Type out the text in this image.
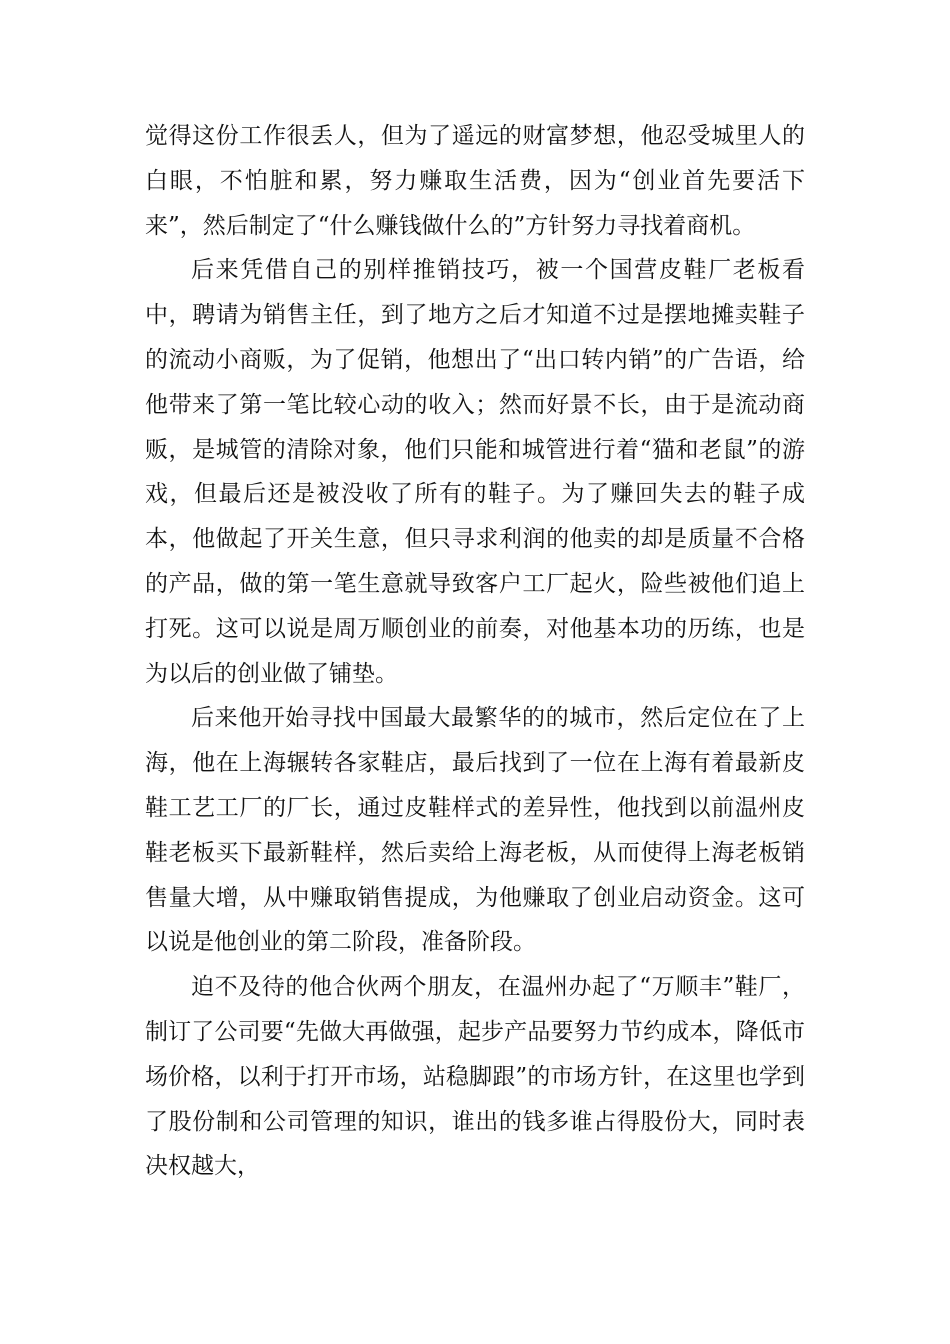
觉得这份工作很丢人，但为了遥远的财富梦想，他忍受城里人的白眼，不怕脏和累，努力赚取生活费，因为“创业首先要活下来”，然后制定了“什么赚钱做什么的”方针努力寻找着商机。

后来凭借自己的别样推销技巧，被一个国营皮鞋厂老板看中，聘请为销售主任，到了地方之后才知道不过是摆地摊卖鞋子的流动小商贩，为了促销，他想出了“出口转内销”的广告语，给他带来了第一笔比较心动的收入；然而好景不长，由于是流动商贩，是城管的清除对象，他们只能和城管进行着“猫和老鼠”的游戏，但最后还是被没收了所有的鞋子。为了赚回失去的鞋子成本，他做起了开关生意，但只寻求利润的他卖的却是质量不合格的产品，做的第一笔生意就导致客户工厂起火，险些被他们追上打死。这可以说是周万顺创业的前奏，对他基本功的历练，也是为以后的创业做了铺垫。

后来他开始寻找中国最大最繁华的的城市，然后定位在了上海，他在上海辗转各家鞋店，最后找到了一位在上海有着最新皮鞋工艺工厂的厂长，通过皮鞋样式的差异性，他找到以前温州皮鞋老板买下最新鞋样，然后卖给上海老板，从而使得上海老板销售量大增，从中赚取销售提成，为他赚取了创业启动资金。这可以说是他创业的第二阶段，准备阶段。

迫不及待的他合伙两个朋友，在温州办起了“万顺丰”鞋厂，制订了公司要“先做大再做强，起步产品要努力节约成本，降低市场价格，以利于打开市场，站稳脚跟”的市场方针，在这里也学到了股份制和公司管理的知识，谁出的钱多谁占得股份大，同时表决权越大，
